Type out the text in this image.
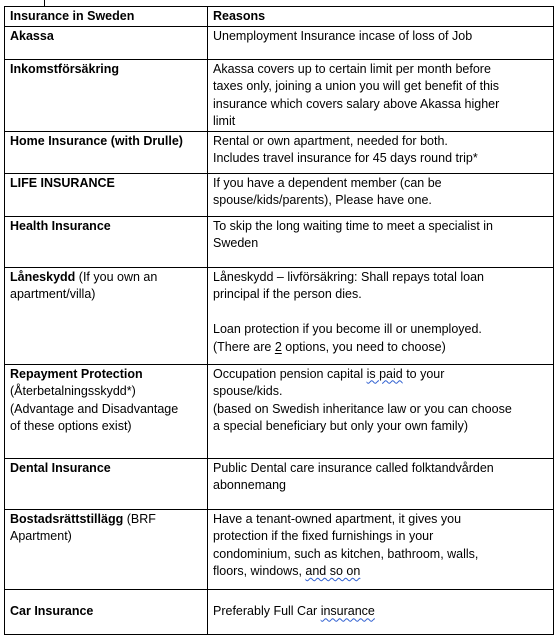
Insurance in Sweden	Reasons
Akassa	Unemployment Insurance incase of loss of Job
Inkomstförsäkring	Akassa covers up to certain limit per month before
taxes only, joining a union you will get benefit of this
insurance which covers salary above Akassa higher
limit
Home Insurance (with Drulle)	Rental or own apartment, needed for both.
Includes travel insurance for 45 days round trip*
LIFE INSURANCE	If you have a dependent member (can be
spouse/kids/parents), Please have one.
Health Insurance	To skip the long waiting time to meet a specialist in
Sweden
Låneskydd (If you own an
apartment/villa)	Låneskydd – livförsäkring: Shall repays total loan
principal if the person dies.
Loan protection if you become ill or unemployed.
(There are 2 options, you need to choose)
Repayment Protection
(Återbetalningsskydd*)
(Advantage and Disadvantage
of these options exist)	Occupation pension capital is paid to your
spouse/kids.
(based on Swedish inheritance law or you can choose
a special beneficiary but only your own family)
Dental Insurance	Public Dental care insurance called folktandvården
abonnemang
Bostadsrättstillägg (BRF
Apartment)	Have a tenant-owned apartment, it gives you
protection if the fixed furnishings in your
condominium, such as kitchen, bathroom, walls,
floors, windows, and so on
Car Insurance	Preferably Full Car insurance
